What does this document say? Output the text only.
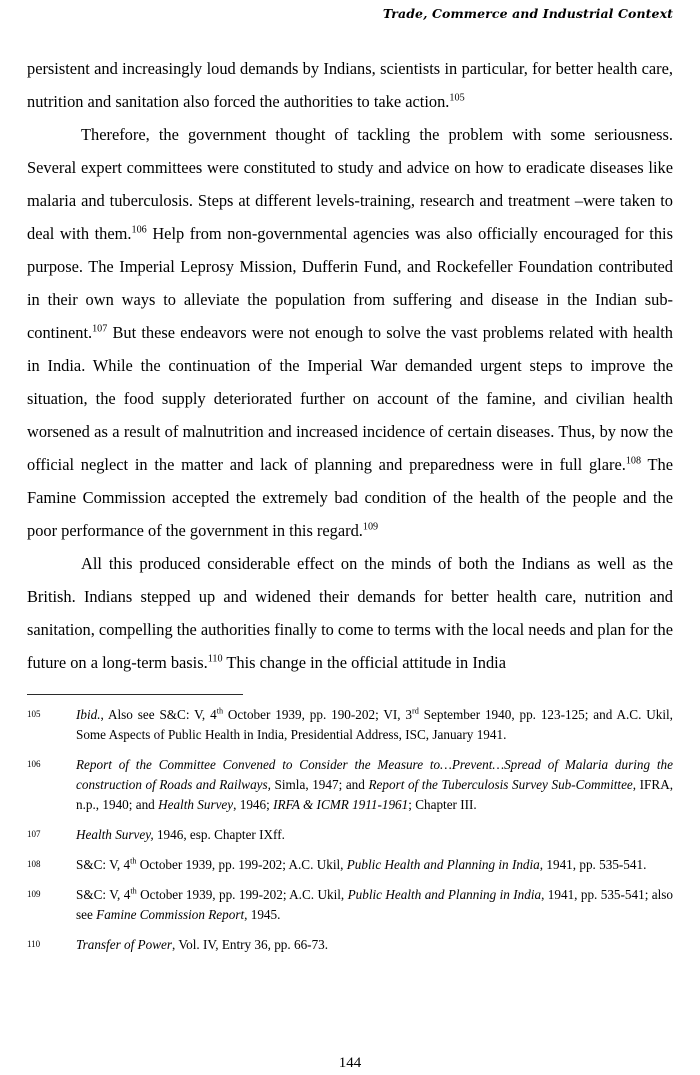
Trade, Commerce and Industrial Context

persistent and increasingly loud demands by Indians, scientists in particular, for better health care, nutrition and sanitation also forced the authorities to take action.$^{105}$

Therefore, the government thought of tackling the problem with some seriousness. Several expert committees were constituted to study and advice on how to eradicate diseases like malaria and tuberculosis. Steps at different levels-training, research and treatment –were taken to deal with them.$^{106}$ Help from non-governmental agencies was also officially encouraged for this purpose. The Imperial Leprosy Mission, Dufferin Fund, and Rockefeller Foundation contributed in their own ways to alleviate the population from suffering and disease in the Indian sub-continent.$^{107}$ But these endeavors were not enough to solve the vast problems related with health in India. While the continuation of the Imperial War demanded urgent steps to improve the situation, the food supply deteriorated further on account of the famine, and civilian health worsened as a result of malnutrition and increased incidence of certain diseases. Thus, by now the official neglect in the matter and lack of planning and preparedness were in full glare.$^{108}$ The Famine Commission accepted the extremely bad condition of the health of the people and the poor performance of the government in this regard.$^{109}$

All this produced considerable effect on the minds of both the Indians as well as the British. Indians stepped up and widened their demands for better health care, nutrition and sanitation, compelling the authorities finally to come to terms with the local needs and plan for the future on a long-term basis.$^{110}$ This change in the official attitude in India

105	Ibid., Also see S&C: V, 4th October 1939, pp. 190-202; VI, 3rd September 1940, pp. 123-125; and A.C. Ukil, Some Aspects of Public Health in India, Presidential Address, ISC, January 1941.
106	Report of the Committee Convened to Consider the Measure to…Prevent…Spread of Malaria during the construction of Roads and Railways, Simla, 1947; and Report of the Tuberculosis Survey Sub-Committee, IFRA, n.p., 1940; and Health Survey, 1946; IRFA & ICMR 1911-1961; Chapter III.
107	Health Survey, 1946, esp. Chapter IXff.
108	S&C: V, 4th October 1939, pp. 199-202; A.C. Ukil, Public Health and Planning in India, 1941, pp. 535-541.
109	S&C: V, 4th October 1939, pp. 199-202; A.C. Ukil, Public Health and Planning in India, 1941, pp. 535-541; also see Famine Commission Report, 1945.
110	Transfer of Power, Vol. IV, Entry 36, pp. 66-73.
144
